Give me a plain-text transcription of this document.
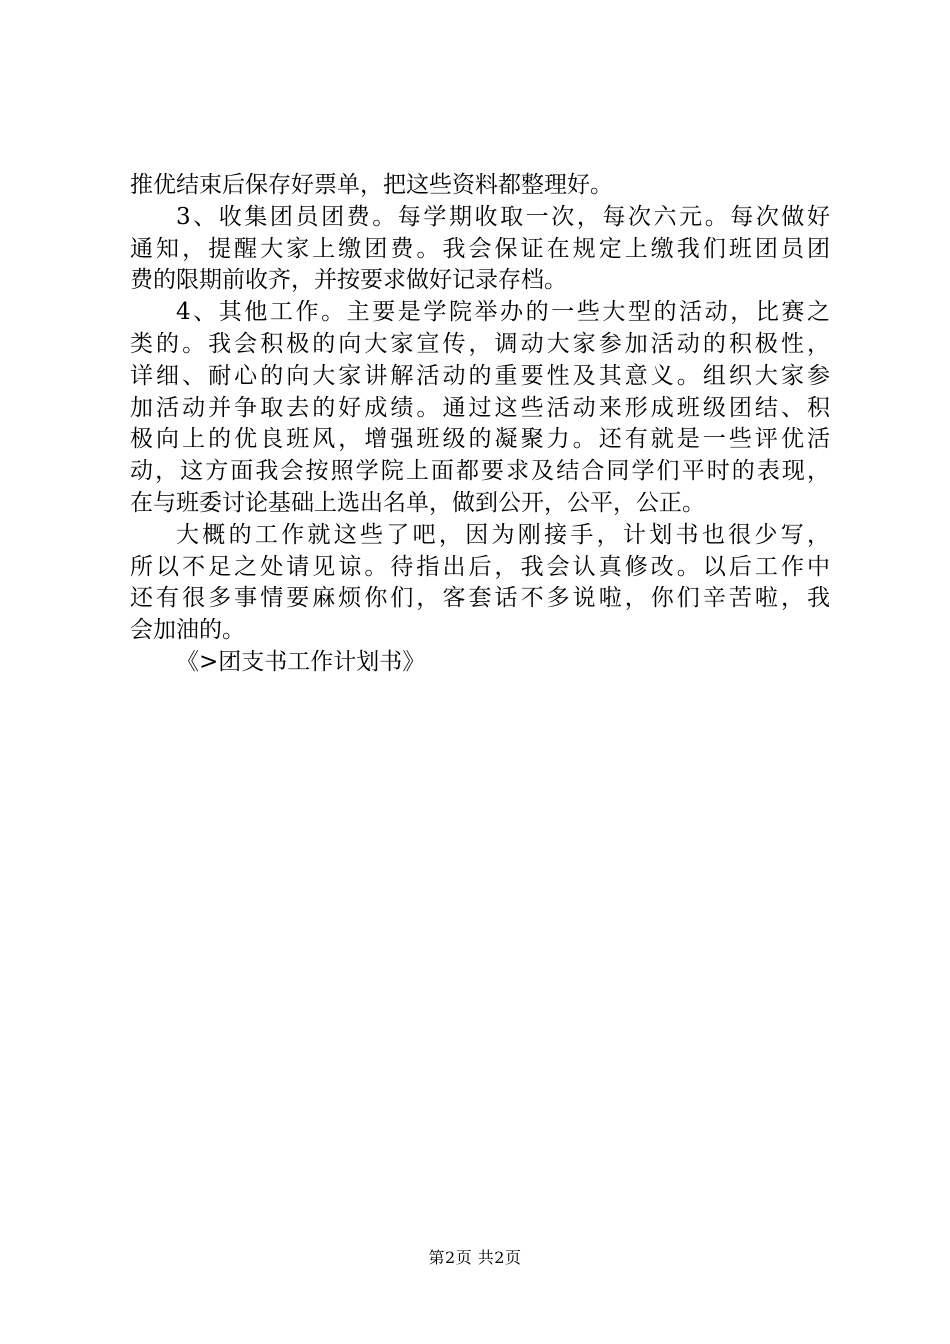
推优结束后保存好票单，把这些资料都整理好。
3、收集团员团费。每学期收取一次，每次六元。每次做好
通知，提醒大家上缴团费。我会保证在规定上缴我们班团员团
费的限期前收齐，并按要求做好记录存档。
4、其他工作。主要是学院举办的一些大型的活动，比赛之
类的。我会积极的向大家宣传，调动大家参加活动的积极性，
详细、耐心的向大家讲解活动的重要性及其意义。组织大家参
加活动并争取去的好成绩。通过这些活动来形成班级团结、积
极向上的优良班风，增强班级的凝聚力。还有就是一些评优活
动，这方面我会按照学院上面都要求及结合同学们平时的表现，
在与班委讨论基础上选出名单，做到公开，公平，公正。
大概的工作就这些了吧，因为刚接手，计划书也很少写，
所以不足之处请见谅。待指出后，我会认真修改。以后工作中
还有很多事情要麻烦你们，客套话不多说啦，你们辛苦啦，我
会加油的。
《>团支书工作计划书》
第2页 共2页
